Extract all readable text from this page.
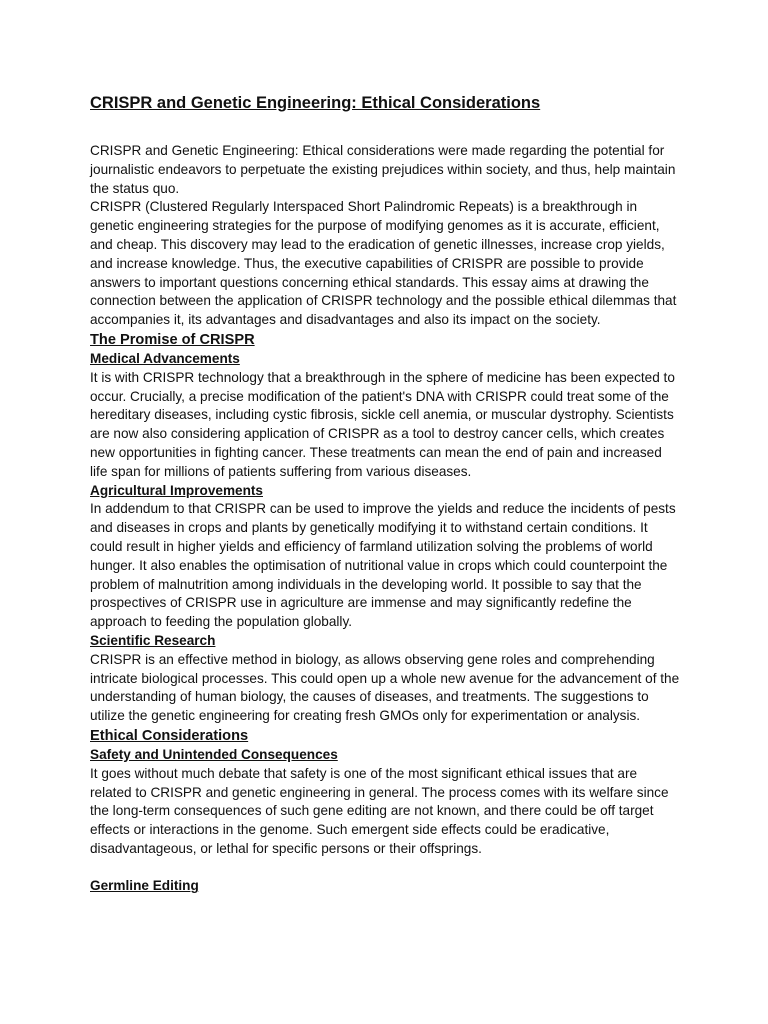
CRISPR and Genetic Engineering: Ethical Considerations

CRISPR and Genetic Engineering: Ethical considerations were made regarding the potential for journalistic endeavors to perpetuate the existing prejudices within society, and thus, help maintain the status quo.

CRISPR (Clustered Regularly Interspaced Short Palindromic Repeats) is a breakthrough in genetic engineering strategies for the purpose of modifying genomes as it is accurate, efficient, and cheap. This discovery may lead to the eradication of genetic illnesses, increase crop yields, and increase knowledge. Thus, the executive capabilities of CRISPR are possible to provide answers to important questions concerning ethical standards. This essay aims at drawing the connection between the application of CRISPR technology and the possible ethical dilemmas that accompanies it, its advantages and disadvantages and also its impact on the society.

The Promise of CRISPR
Medical Advancements

It is with CRISPR technology that a breakthrough in the sphere of medicine has been expected to occur. Crucially, a precise modification of the patient's DNA with CRISPR could treat some of the hereditary diseases, including cystic fibrosis, sickle cell anemia, or muscular dystrophy. Scientists are now also considering application of CRISPR as a tool to destroy cancer cells, which creates new opportunities in fighting cancer. These treatments can mean the end of pain and increased life span for millions of patients suffering from various diseases.

Agricultural Improvements

In addendum to that CRISPR can be used to improve the yields and reduce the incidents of pests and diseases in crops and plants by genetically modifying it to withstand certain conditions. It could result in higher yields and efficiency of farmland utilization solving the problems of world hunger. It also enables the optimisation of nutritional value in crops which could counterpoint the problem of malnutrition among individuals in the developing world. It possible to say that the prospectives of CRISPR use in agriculture are immense and may significantly redefine the approach to feeding the population globally.

Scientific Research

CRISPR is an effective method in biology, as allows observing gene roles and comprehending intricate biological processes. This could open up a whole new avenue for the advancement of the understanding of human biology, the causes of diseases, and treatments. The suggestions to utilize the genetic engineering for creating fresh GMOs only for experimentation or analysis.

Ethical Considerations
Safety and Unintended Consequences

It goes without much debate that safety is one of the most significant ethical issues that are related to CRISPR and genetic engineering in general. The process comes with its welfare since the long-term consequences of such gene editing are not known, and there could be off target effects or interactions in the genome. Such emergent side effects could be eradicative, disadvantageous, or lethal for specific persons or their offsprings.

Germline Editing
